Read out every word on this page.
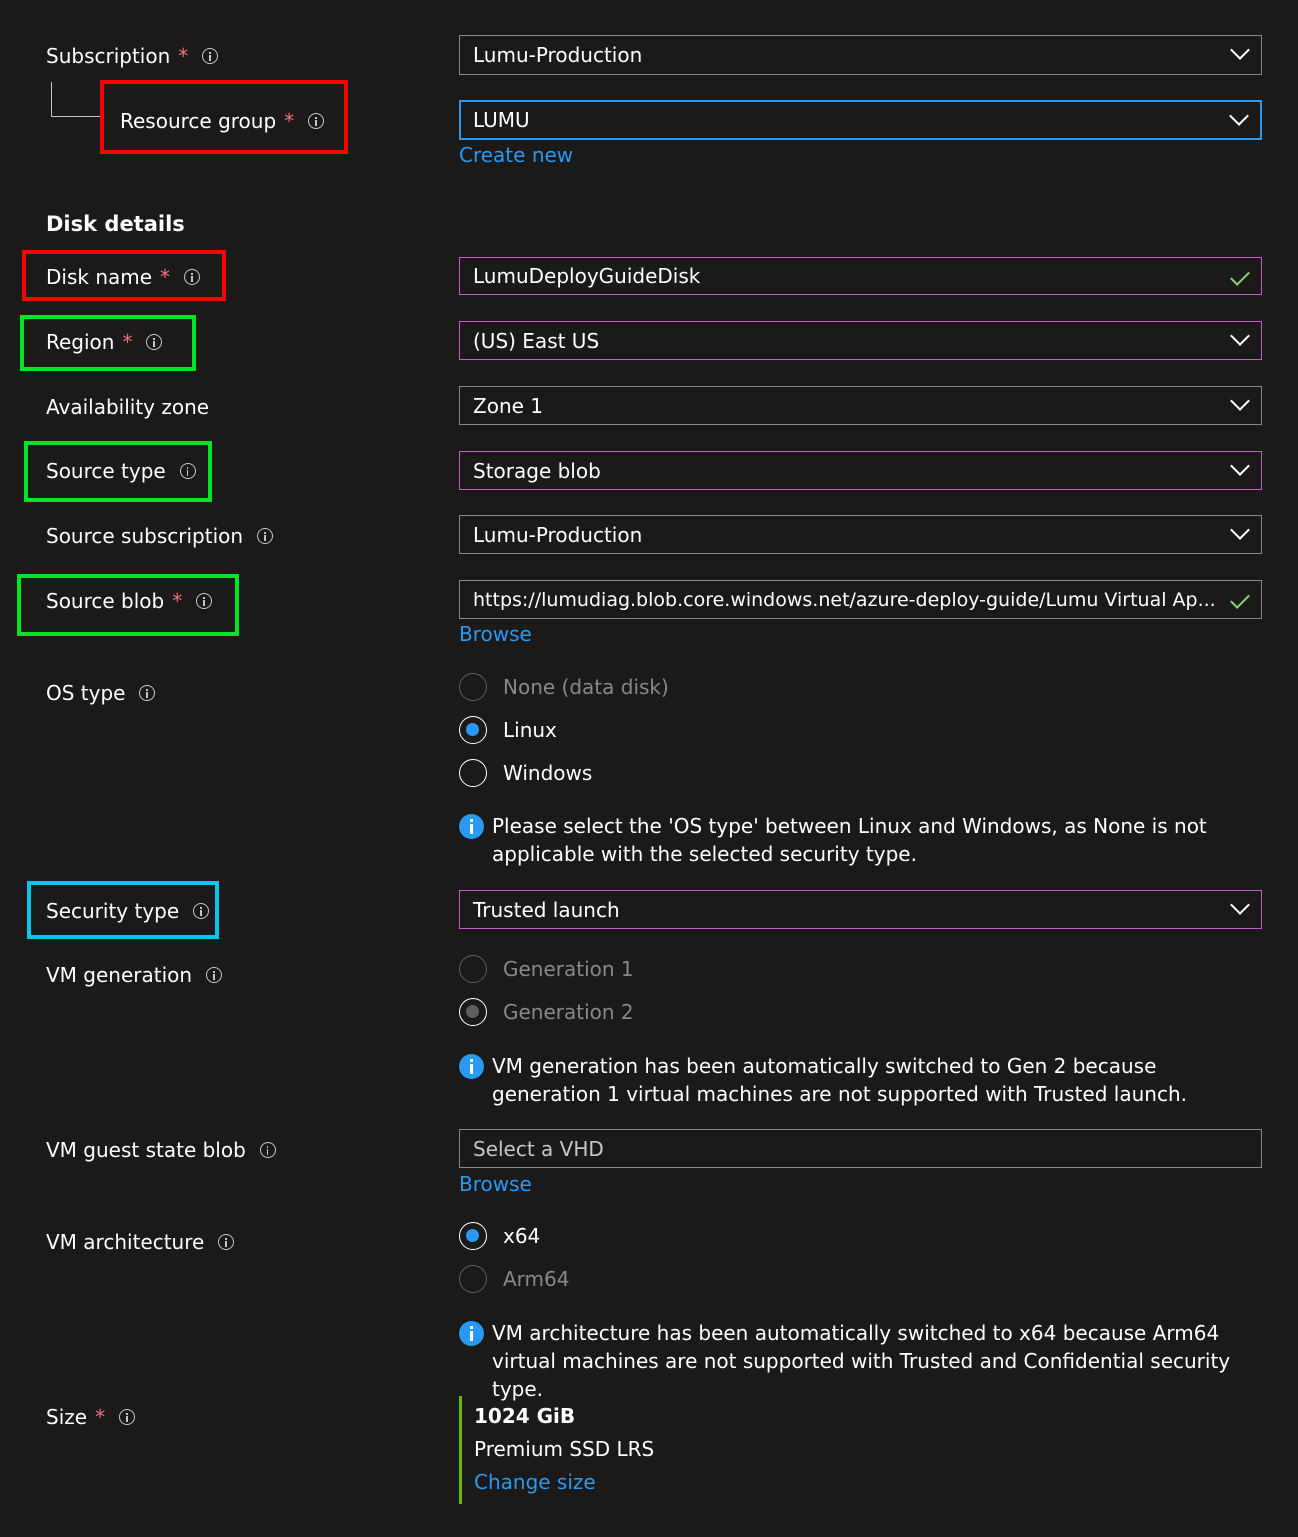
Subscription *	Lumu-Production
Resource group *	LUMU
Create new
Disk details
Disk name *	LumuDeployGuideDisk
Region *	(US) East US
Availability zone	Zone 1
Source type	Storage blob
Source subscription	Lumu-Production
Source blob *	https://lumudiag.blob.core.windows.net/azure-deploy-guide/Lumu Virtual Ap...
Browse
OS type	None (data disk)
Linux
Windows
Please select the 'OS type' between Linux and Windows, as None is not applicable with the selected security type.
Security type	Trusted launch
VM generation	Generation 1
Generation 2
VM generation has been automatically switched to Gen 2 because generation 1 virtual machines are not supported with Trusted launch.
VM guest state blob	Select a VHD
Browse
VM architecture	x64
Arm64
VM architecture has been automatically switched to x64 because Arm64 virtual machines are not supported with Trusted and Confidential security type.
Size *	1024 GiB
Premium SSD LRS
Change size
